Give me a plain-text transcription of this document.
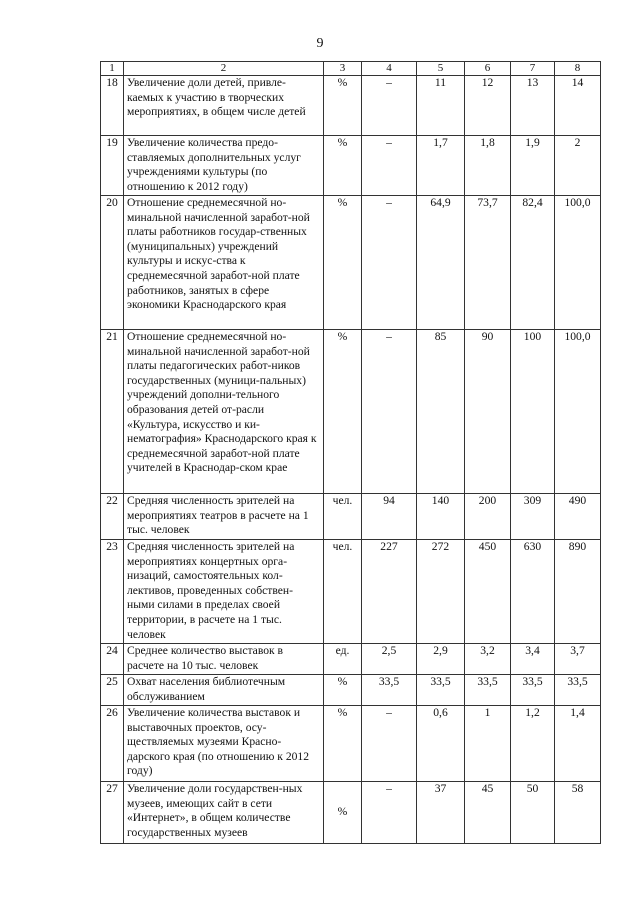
9
1	2	3	4	5	6	7	8
18	Увеличение доли детей, привле-каемых к участию в творческих мероприятиях, в общем числе детей	%	–	11	12	13	14
19	Увеличение количества предо-ставляемых дополнительных услуг учреждениями культуры (по отношению к 2012 году)	%	–	1,7	1,8	1,9	2
20	Отношение среднемесячной но-минальной начисленной заработ-ной платы работников государ-ственных (муниципальных) учреждений культуры и искус-ства к среднемесячной заработ-ной плате работников, занятых в сфере экономики Краснодарского края	%	–	64,9	73,7	82,4	100,0
21	Отношение среднемесячной но-минальной начисленной заработ-ной платы педагогических работ-ников государственных (муници-пальных) учреждений дополни-тельного образования детей от-расли «Культура, искусство и ки-нематография» Краснодарского края к среднемесячной заработ-ной плате учителей в Краснодар-ском крае	%	–	85	90	100	100,0
22	Средняя численность зрителей на мероприятиях театров в расчете на 1 тыс. человек	чел.	94	140	200	309	490
23	Средняя численность зрителей на мероприятиях концертных орга-низаций, самостоятельных кол-лективов, проведенных собствен-ными силами в пределах своей территории, в расчете на 1 тыс. человек	чел.	227	272	450	630	890
24	Среднее количество выставок в расчете на 10 тыс. человек	ед.	2,5	2,9	3,2	3,4	3,7
25	Охват населения библиотечным обслуживанием	%	33,5	33,5	33,5	33,5	33,5
26	Увеличение количества выставок и выставочных проектов, осу-ществляемых музеями Красно-дарского края (по отношению к 2012 году)	%	–	0,6	1	1,2	1,4
27	Увеличение доли государствен-ных музеев, имеющих сайт в сети «Интернет», в общем количестве государственных музеев	%	–	37	45	50	58
